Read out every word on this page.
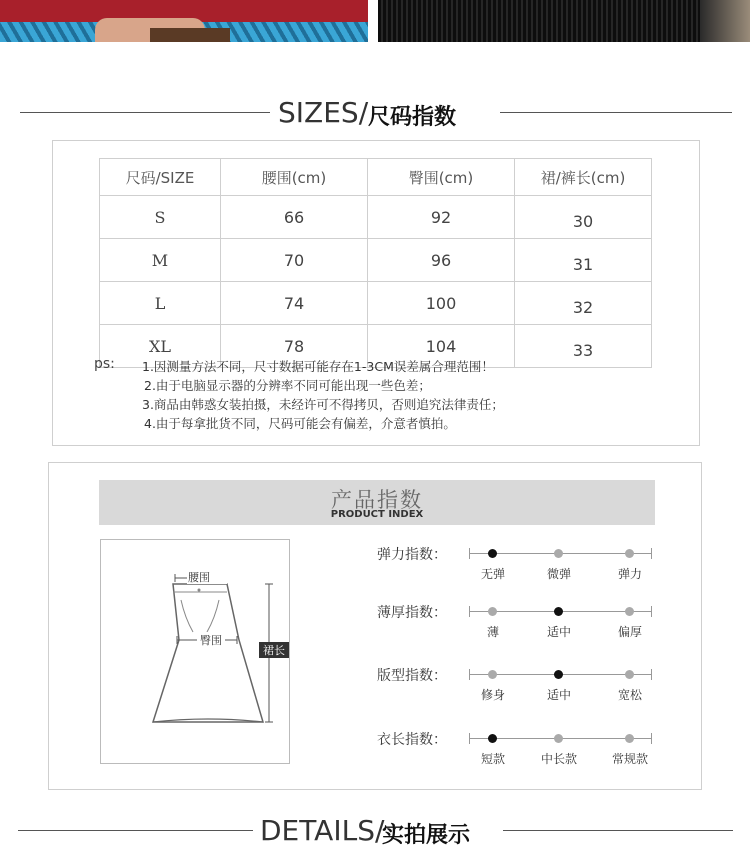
SIZES/ 尺码指数
尺码/SIZE	腰围(cm)	臀围(cm)	裙/裤长(cm)
S	66	92	30
M	70	96	31
L	74	100	32
XL	78	104	33
ps: 1.因测量方法不同，尺寸数据可能存在1-3CM误差属合理范围！
2.由于电脑显示器的分辨率不同可能出现一些色差；
3.商品由韩惑女装拍摄，未经许可不得拷贝，否则追究法律责任；
4.由于每拿批货不同，尺码可能会有偏差，介意者慎拍。
产品指数
PRODUCT INDEX
腰围
臀围
裙长
弹力指数：
无弹	微弹	弹力
薄厚指数：
薄	适中	偏厚
版型指数：
修身	适中	宽松
衣长指数：
短款	中长款	常规款
DETAILS/
实拍展示
